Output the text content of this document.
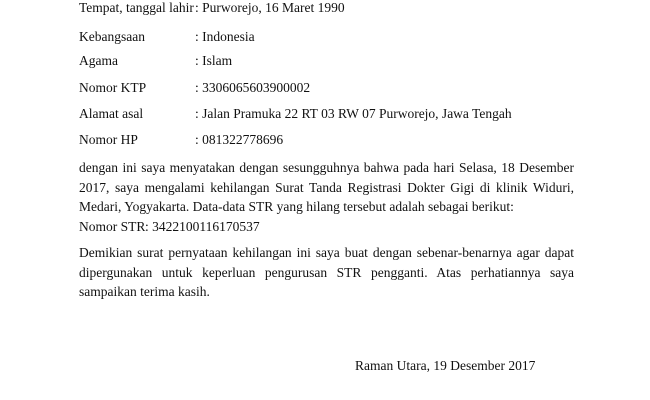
Tempat, tanggal lahir: Purworejo, 16 Maret 1990
Kebangsaan	: Indonesia
Agama	: Islam
Nomor KTP	: 3306065603900002
Alamat asal	: Jalan Pramuka 22 RT 03 RW 07 Purworejo, Jawa Tengah
Nomor HP	: 081322778696

dengan ini saya menyatakan dengan sesungguhnya bahwa pada hari Selasa, 18 Desember 2017, saya mengalami kehilangan Surat Tanda Registrasi Dokter Gigi di klinik Widuri, Medari, Yogyakarta. Data-data STR yang hilang tersebut adalah sebagai berikut:

Nomor STR: 3422100116170537

Demikian surat pernyataan kehilangan ini saya buat dengan sebenar-benarnya agar dapat dipergunakan untuk keperluan pengurusan STR pengganti. Atas perhatiannya saya sampaikan terima kasih.

Raman Utara, 19 Desember 2017
